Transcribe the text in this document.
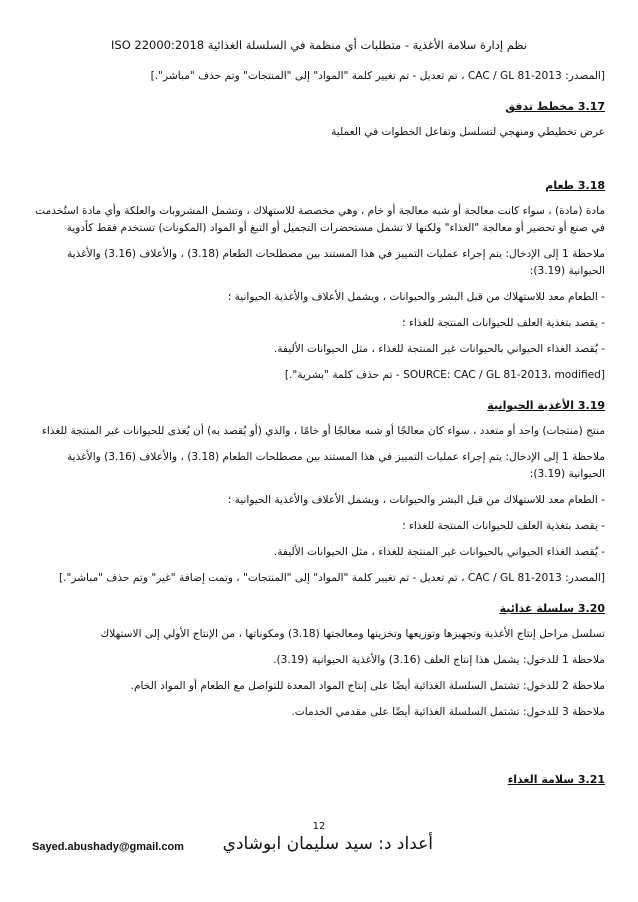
نظم إدارة سلامة الأغذية - متطلبات أي منظمة في السلسلة الغذائية ISO 22000:2018
[المصدر: CAC / GL 81-2013 ، تم تعديل - تم تغيير كلمة "المواد" إلى "المنتجات" وتم حذف "مباشر".]
3.17 مخطط تدفق
عرض تخطيطي ومنهجي لتسلسل وتفاعل الخطوات في العملية
3.18 طعام
مادة (مادة) ، سواء كانت معالجة أو شبه معالجة أو خام ، وهي مخصصة للاستهلاك ، وتشمل المشروبات والعلكة وأي مادة استُخدمت في صنع أو تحضير أو معالجة "الغذاء" ولكنها لا تشمل مستحضرات التجميل أو التبغ أو المواد (المكونات) تستخدم فقط كأدوية
ملاحظة 1 إلى الإدخال: يتم إجراء عمليات التمييز في هذا المستند بين مصطلحات الطعام (3.18) ، والأعلاف (3.16) والأغذية الحيوانية (3.19):
- الطعام معد للاستهلاك من قبل البشر والحيوانات ، ويشمل الأعلاف والأغذية الحيوانية ؛
- يقصد بتغذية العلف للحيوانات المنتجة للغذاء ؛
- يُقصد الغذاء الحيواني بالحيوانات غير المنتجة للغذاء ، مثل الحيوانات الأليفة.
[SOURCE: CAC / GL 81-2013، modified - تم حذف كلمة "بشرية".]
3.19 الأغذية الحيوانية
منتج (منتجات) واحد أو متعدد ، سواء كان معالجًا أو شبه معالجًا أو خامًا ، والذي (أو يُقصد به) أن يُغذى للحيوانات غير المنتجة للغذاء
ملاحظة 1 إلى الإدخال: يتم إجراء عمليات التمييز في هذا المستند بين مصطلحات الطعام (3.18) ، والأعلاف (3.16) والأغذية الحيوانية (3.19):
- الطعام معد للاستهلاك من قبل البشر والحيوانات ، ويشمل الأعلاف والأغذية الحيوانية ؛
- يقصد بتغذية العلف للحيوانات المنتجة للغذاء ؛
- يُقصد الغذاء الحيواني بالحيوانات غير المنتجة للغذاء ، مثل الحيوانات الأليفة.
[المصدر: CAC / GL 81-2013 ، تم تعديل - تم تغيير كلمة "المواد" إلى "المنتجات" ، وتمت إضافة "غير" وتم حذف "مباشر".]
3.20 سلسلة غذائية
تسلسل مراحل إنتاج الأغذية وتجهيزها وتوزيعها وتخزينها ومعالجتها (3.18) ومكوناتها ، من الإنتاج الأولي إلى الاستهلاك
ملاحظة 1 للدخول: يشمل هذا إنتاج العلف (3.16) والأغذية الحيوانية (3.19).
ملاحظة 2 للدخول: تشتمل السلسلة الغذائية أيضًا على إنتاج المواد المعدة للتواصل مع الطعام أو المواد الخام.
ملاحظة 3 للدخول: تشتمل السلسلة الغذائية أيضًا على مقدمي الخدمات.
3.21 سلامة الغذاء
12
Sayed.abushady@gmail.com أعداد د: سيد سليمان ابوشادي
